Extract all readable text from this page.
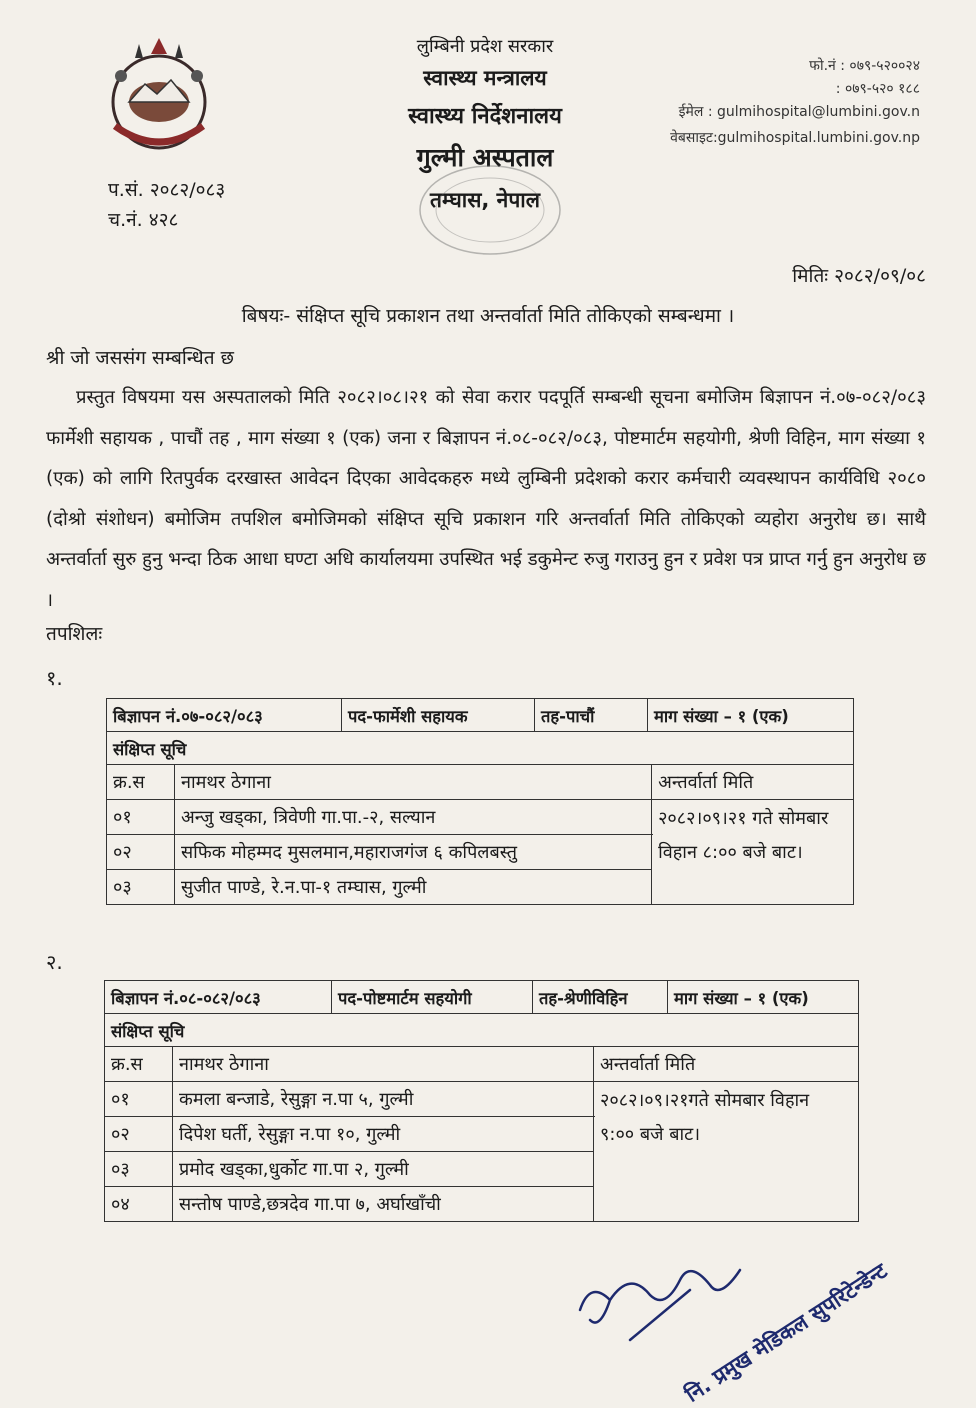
लुम्बिनी प्रदेश सरकार
स्वास्थ्य मन्त्रालय
स्वास्थ्य निर्देशनालय
गुल्मी अस्पताल
तम्घास, नेपाल
प.सं. २०८२/०८३
च.नं. ४२८
फो.नं : ०७९-५२००२४
: ०७९-५२० १८८
ईमेल : gulmihospital@lumbini.gov.n
वेबसाइट:gulmihospital.lumbini.gov.np
मितिः २०८२/०९/०८
बिषयः- संक्षिप्त सूचि प्रकाशन तथा अन्तर्वार्ता मिति तोकिएको सम्बन्धमा ।
श्री जो जससंग सम्बन्धित छ
प्रस्तुत विषयमा यस अस्पतालको मिति २०८२।०८।२१ को सेवा करार पदपूर्ति सम्बन्धी सूचना बमोजिम बिज्ञापन नं.०७-०८२/०८३ फार्मेशी सहायक , पाचौं तह , माग संख्या १ (एक) जना र बिज्ञापन नं.०८-०८२/०८३, पोष्टमार्टम सहयोगी, श्रेणी विहिन, माग संख्या १ (एक) को लागि रितपुर्वक दरखास्त आवेदन दिएका आवेदकहरु मध्ये लुम्बिनी प्रदेशको करार कर्मचारी व्यवस्थापन कार्यविधि २०८० (दोश्रो संशोधन) बमोजिम तपशिल बमोजिमको संक्षिप्त सूचि प्रकाशन गरि अन्तर्वार्ता मिति तोकिएको व्यहोरा अनुरोध छ। साथै अन्तर्वार्ता सुरु हुनु भन्दा ठिक आधा घण्टा अधि कार्यालयमा उपस्थित भई डकुमेन्ट रुजु गराउनु हुन र प्रवेश पत्र प्राप्त गर्नु हुन अनुरोध छ ।
तपशिलः
१.
बिज्ञापन नं.०७-०८२/०८३	पद-फार्मेशी सहायक	तह-पाचौं	माग संख्या – १ (एक)

संक्षिप्त सूचि
क्र.स	नामथर ठेगाना	अन्तर्वार्ता मिति
०१	अन्जु खड्का, त्रिवेणी गा.पा.-२, सल्यान	२०८२।०९।२१ गते सोमबार
विहान ८:०० बजे बाट।

०२	सफिक मोहम्मद मुसलमान,महाराजगंज ६ कपिलबस्तु
०३	सुजीत पाण्डे, रे.न.पा-१ तम्घास, गुल्मी
२.
बिज्ञापन नं.०८-०८२/०८३	पद-पोष्टमार्टम सहयोगी	तह-श्रेणीविहिन	माग संख्या – १ (एक)

संक्षिप्त सूचि
क्र.स	नामथर ठेगाना	अन्तर्वार्ता मिति
०१	कमला बन्जाडे, रेसुङ्गा न.पा ५, गुल्मी	२०८२।०९।२१गते सोमबार विहान
९:०० बजे बाट।

०२	दिपेश घर्ती, रेसुङ्गा न.पा १०, गुल्मी
०३	प्रमोद खड्का,धुर्कोट गा.पा २, गुल्मी
०४	सन्तोष पाण्डे,छत्रदेव गा.पा ७, अर्घाखाँची
नि. प्रमुख मेडिकल सुपरिटेन्डेन्ट
